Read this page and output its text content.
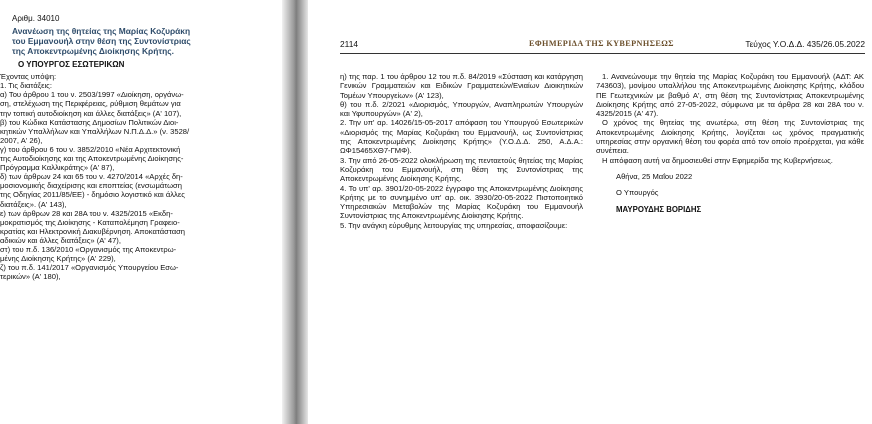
Αριθμ. 34010

Ανανέωση της θητείας της Μαρίας Κοζυράκη

του Εμμανουήλ στην θέση της Συντονίστριας

της Αποκεντρωμένης Διοίκησης Κρήτης.

Ο ΥΠΟΥΡΓΟΣ ΕΣΩΤΕΡΙΚΩΝ

Έχοντας υπόψη:

1. Τις διατάξεις:

α) Του άρθρου 1 του ν. 2503/1997 «Διοίκηση, οργάνω-

ση, στελέχωση της Περιφέρειας, ρύθμιση θεμάτων για

την τοπική αυτοδιοίκηση και άλλες διατάξεις» (Α' 107),

β) του Κώδικα Κατάστασης Δημοσίων Πολιτικών Διοι-

κητικών Υπαλλήλων και Υπαλλήλων Ν.Π.Δ.Δ.» (ν. 3528/

2007, Α' 26),

γ) του άρθρου 6 του ν. 3852/2010 «Νέα Αρχιτεκτονική

της Αυτοδιοίκησης και της Αποκεντρωμένης Διοίκησης-

Πρόγραμμα Καλλικράτης» (Α' 87),

δ) των άρθρων 24 και 65 του ν. 4270/2014 «Αρχές δη-

μοσιονομικής διαχείρισης και εποπτείας (ενσωμάτωση

της Οδηγίας 2011/85/ΕΕ) - δημόσιο λογιστικό και άλλες

διατάξεις». (Α' 143),

ε) των άρθρων 28 και 28Α του ν. 4325/2015 «Εκδη-

μοκρατισμός της Διοίκησης - Καταπολέμηση Γραφειο-

κρατίας και Ηλεκτρονική Διακυβέρνηση. Αποκατάσταση

αδικιών και άλλες διατάξεις» (Α' 47),

στ) του π.δ. 136/2010 «Οργανισμός της Αποκεντρω-

μένης Διοίκησης Κρήτης» (Α' 229),

ζ) του π.δ. 141/2017 «Οργανισμός Υπουργείου Εσω-

τερικών» (Α' 180),

2114	ΕΦΗΜΕΡΙΔΑ ΤΗΣ ΚΥΒΕΡΝΗΣΕΩΣ	Τεύχος Υ.Ο.Δ.Δ. 435/26.05.2022

η) της παρ. 1 του άρθρου 12 του π.δ. 84/2019 «Σύσταση και κατάργηση Γενικών Γραμματειών και Ειδικών Γραμματειών/Ενιαίων Διοικητικών Τομέων Υπουργείων» (Α' 123),

θ) του π.δ. 2/2021 «Διορισμός, Υπουργών, Αναπληρωτών Υπουργών και Υφυπουργών» (Α' 2),

2. Την υπ' αρ. 14026/15-05-2017 απόφαση του Υπουργού Εσωτερικών «Διορισμός της Μαρίας Κοζυράκη του Εμμανουήλ, ως Συντονίστριας της Αποκεντρωμένης Διοίκησης Κρήτης» (Υ.Ο.Δ.Δ. 250, Α.Δ.Α.: ΩΦ15465ΧΘ7-ΓΜΦ).

3. Την από 26-05-2022 ολοκλήρωση της πενταετούς θητείας της Μαρίας Κοζυράκη του Εμμανουήλ, στη θέση της Συντονίστριας της Αποκεντρωμένης Διοίκησης Κρήτης.

4. Το υπ' αρ. 3901/20-05-2022 έγγραφο της Αποκεντρωμένης Διοίκησης Κρήτης με το συνημμένο υπ' αρ. οικ. 3930/20-05-2022 Πιστοποιητικό Υπηρεσιακών Μεταβολών της Μαρίας Κοζυράκη του Εμμανουήλ Συντονίστριας της Αποκεντρωμένης Διοίκησης Κρήτης.

5. Την ανάγκη εύρυθμης λειτουργίας της υπηρεσίας, αποφασίζουμε:

1. Ανανεώνουμε την θητεία της Μαρίας Κοζυράκη του Εμμανουήλ (ΑΔΤ: ΑΚ 743603), μονίμου υπαλλήλου της Αποκεντρωμένης Διοίκησης Κρήτης, κλάδου ΠΕ Γεωτεχνικών με βαθμό Α', στη θέση της Συντονίστριας Αποκεντρωμένης Διοίκησης Κρήτης από 27-05-2022, σύμφωνα με τα άρθρα 28 και 28Α του ν. 4325/2015 (Α' 47).

Ο χρόνος της θητείας της ανωτέρω, στη θέση της Συντονίστριας της Αποκεντρωμένης Διοίκησης Κρήτης, λογίζεται ως χρόνος πραγματικής υπηρεσίας στην οργανική θέση του φορέα από τον οποίο προέρχεται, για κάθε συνέπεια.

Η απόφαση αυτή να δημοσιευθεί στην Εφημερίδα της Κυβερνήσεως.

Αθήνα, 25 Μαΐου 2022

Ο Υπουργός

ΜΑΥΡΟΥΔΗΣ ΒΟΡΙΔΗΣ
